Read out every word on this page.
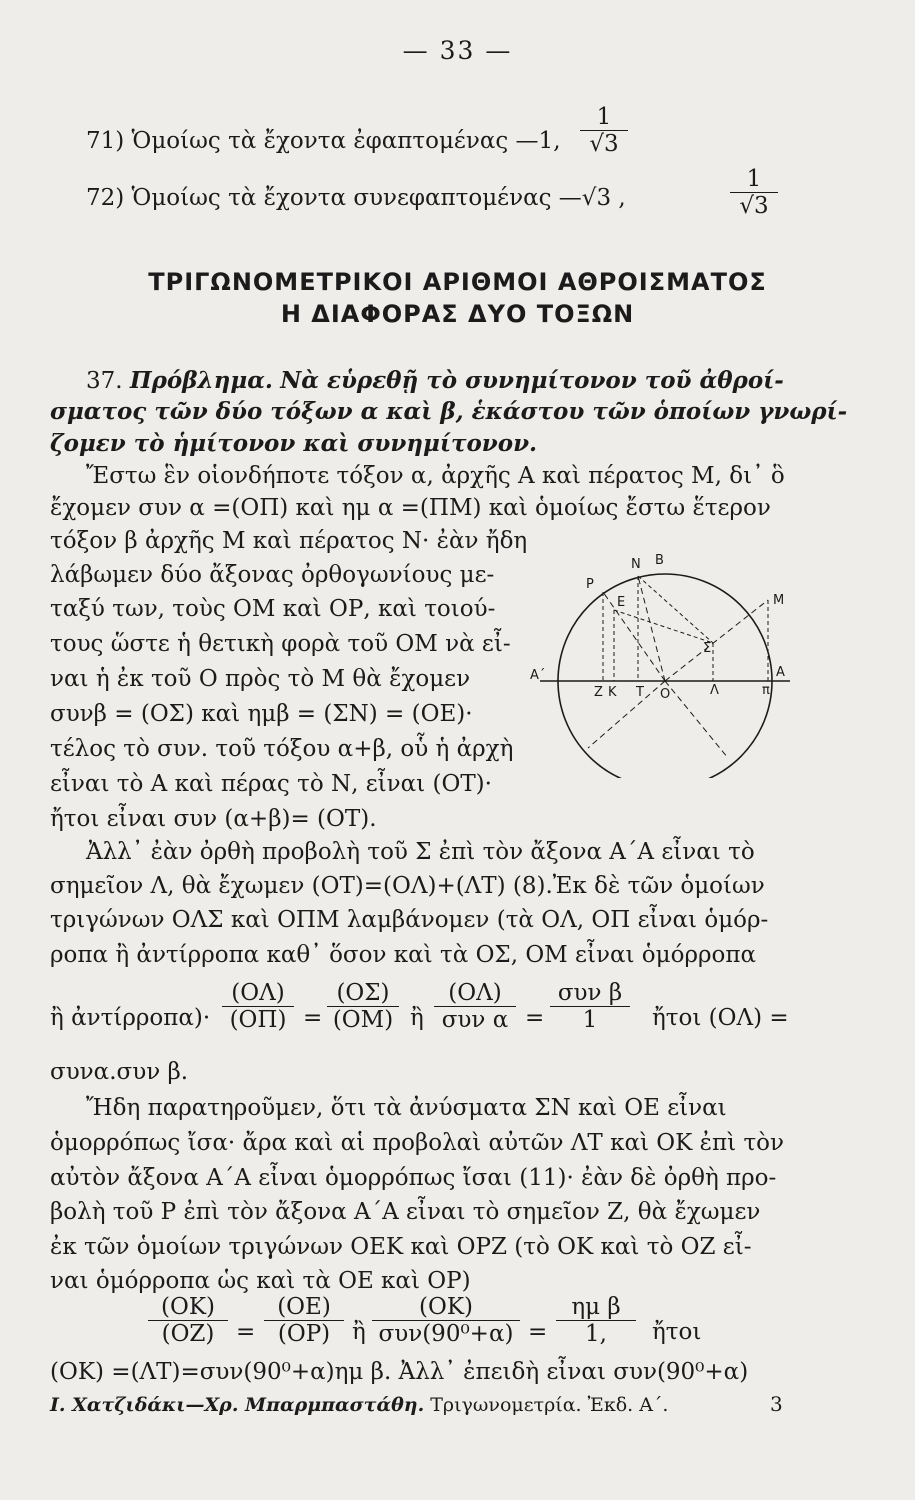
— 33 —
71) Ὁμοίως τὰ ἔχοντα ἐφαπτομένας —1,
1
√3
72) Ὁμοίως τὰ ἔχοντα συνεφαπτομένας —√3 ,
1
√3
ΤΡΙΓΩΝΟΜΕΤΡΙΚΟΙ ΑΡΙΘΜΟΙ ΑΘΡΟΙΣΜΑΤΟΣ
Η ΔΙΑΦΟΡΑΣ ΔΥΟ ΤΟΞΩΝ
37. Πρόβλημα. Νὰ εὑρεθῇ τὸ συνημίτονον τοῦ ἀθροί-
σματος τῶν δύο τόξων α καὶ β, ἑκάστου τῶν ὁποίων γνωρί-
ζομεν τὸ ἡμίτονον καὶ συνημίτονον.
Ἔστω ἓν οἱονδήποτε τόξον α, ἀρχῆς Α καὶ πέρατος Μ, δι᾿ ὃ
ἔχομεν συν α =(ΟΠ) καὶ ημ α =(ΠΜ) καὶ ὁμοίως ἔστω ἕτερον
τόξον β ἀρχῆς Μ καὶ πέρατος Ν· ἐὰν ἤδη
λάβωμεν δύο ἄξονας ὀρθογωνίους με-
ταξύ των, τοὺς ΟΜ καὶ ΟΡ, καὶ τοιού-
τους ὥστε ἡ θετικὴ φορὰ τοῦ ΟΜ νὰ εἶ-
ναι ἡ ἐκ τοῦ Ο πρὸς τὸ Μ θὰ ἔχομεν
συνβ = (ΟΣ) καὶ ημβ = (ΣΝ) = (ΟΕ)·
τέλος τὸ συν. τοῦ τόξου α+β, οὗ ἡ ἀρχὴ
εἶναι τὸ Α καὶ πέρας τὸ Ν, εἶναι (ΟΤ)·
ἤτοι εἶναι συν (α+β)= (ΟΤ).
Ἀλλ᾿ ἐὰν ὀρθὴ προβολὴ τοῦ Σ ἐπὶ τὸν ἄξονα Α΄Α εἶναι τὸ
σημεῖον Λ, θὰ ἔχωμεν (ΟΤ)=(ΟΛ)+(ΛΤ) (8).Ἐκ δὲ τῶν ὁμοίων
τριγώνων ΟΛΣ καὶ ΟΠΜ λαμβάνομεν (τὰ ΟΛ, ΟΠ εἶναι ὁμόρ-
ροπα ἢ ἀντίρροπα καθ᾿ ὅσον καὶ τὰ ΟΣ, ΟΜ εἶναι ὁμόρροπα
P
N B
E	M
Σ
A΄	A
Z K T O	Λ	π
ἢ ἀντίρροπα)·
(ΟΛ)
(ΟΠ) =
(ΟΣ)
(ΟΜ) ἢ
(ΟΛ)
συν α =
συν β
1	ἤτοι (ΟΛ) =
συνα.συν β.
Ἤδη παρατηροῦμεν, ὅτι τὰ ἀνύσματα ΣΝ καὶ ΟΕ εἶναι
ὁμορρόπως ἴσα· ἄρα καὶ αἱ προβολαὶ αὐτῶν ΛΤ καὶ ΟΚ ἐπὶ τὸν
αὐτὸν ἄξονα Α΄Α εἶναι ὁμορρόπως ἴσαι (11)· ἐὰν δὲ ὀρθὴ προ-
βολὴ τοῦ Ρ ἐπὶ τὸν ἄξονα Α΄Α εἶναι τὸ σημεῖον Ζ, θὰ ἔχωμεν
ἐκ τῶν ὁμοίων τριγώνων ΟΕΚ καὶ ΟΡΖ (τὸ ΟΚ καὶ τὸ ΟΖ εἶ-
ναι ὁμόρροπα ὡς καὶ τὰ ΟΕ καὶ ΟΡ)
(ΟΚ)
(ΟΖ) =
(ΟΕ)
(ΟΡ) ἢ
(ΟΚ)
συν(90⁰+α) =
ημ β
1,	ἤτοι
(ΟΚ) =(ΛΤ)=συν(90⁰+α)ημ β. Ἀλλ᾿ ἐπειδὴ εἶναι συν(90⁰+α)
Ι. Χατζιδάκι—Χρ. Μπαρμπαστάθη. Τριγωνομετρία. Ἐκδ. Α΄.	3
